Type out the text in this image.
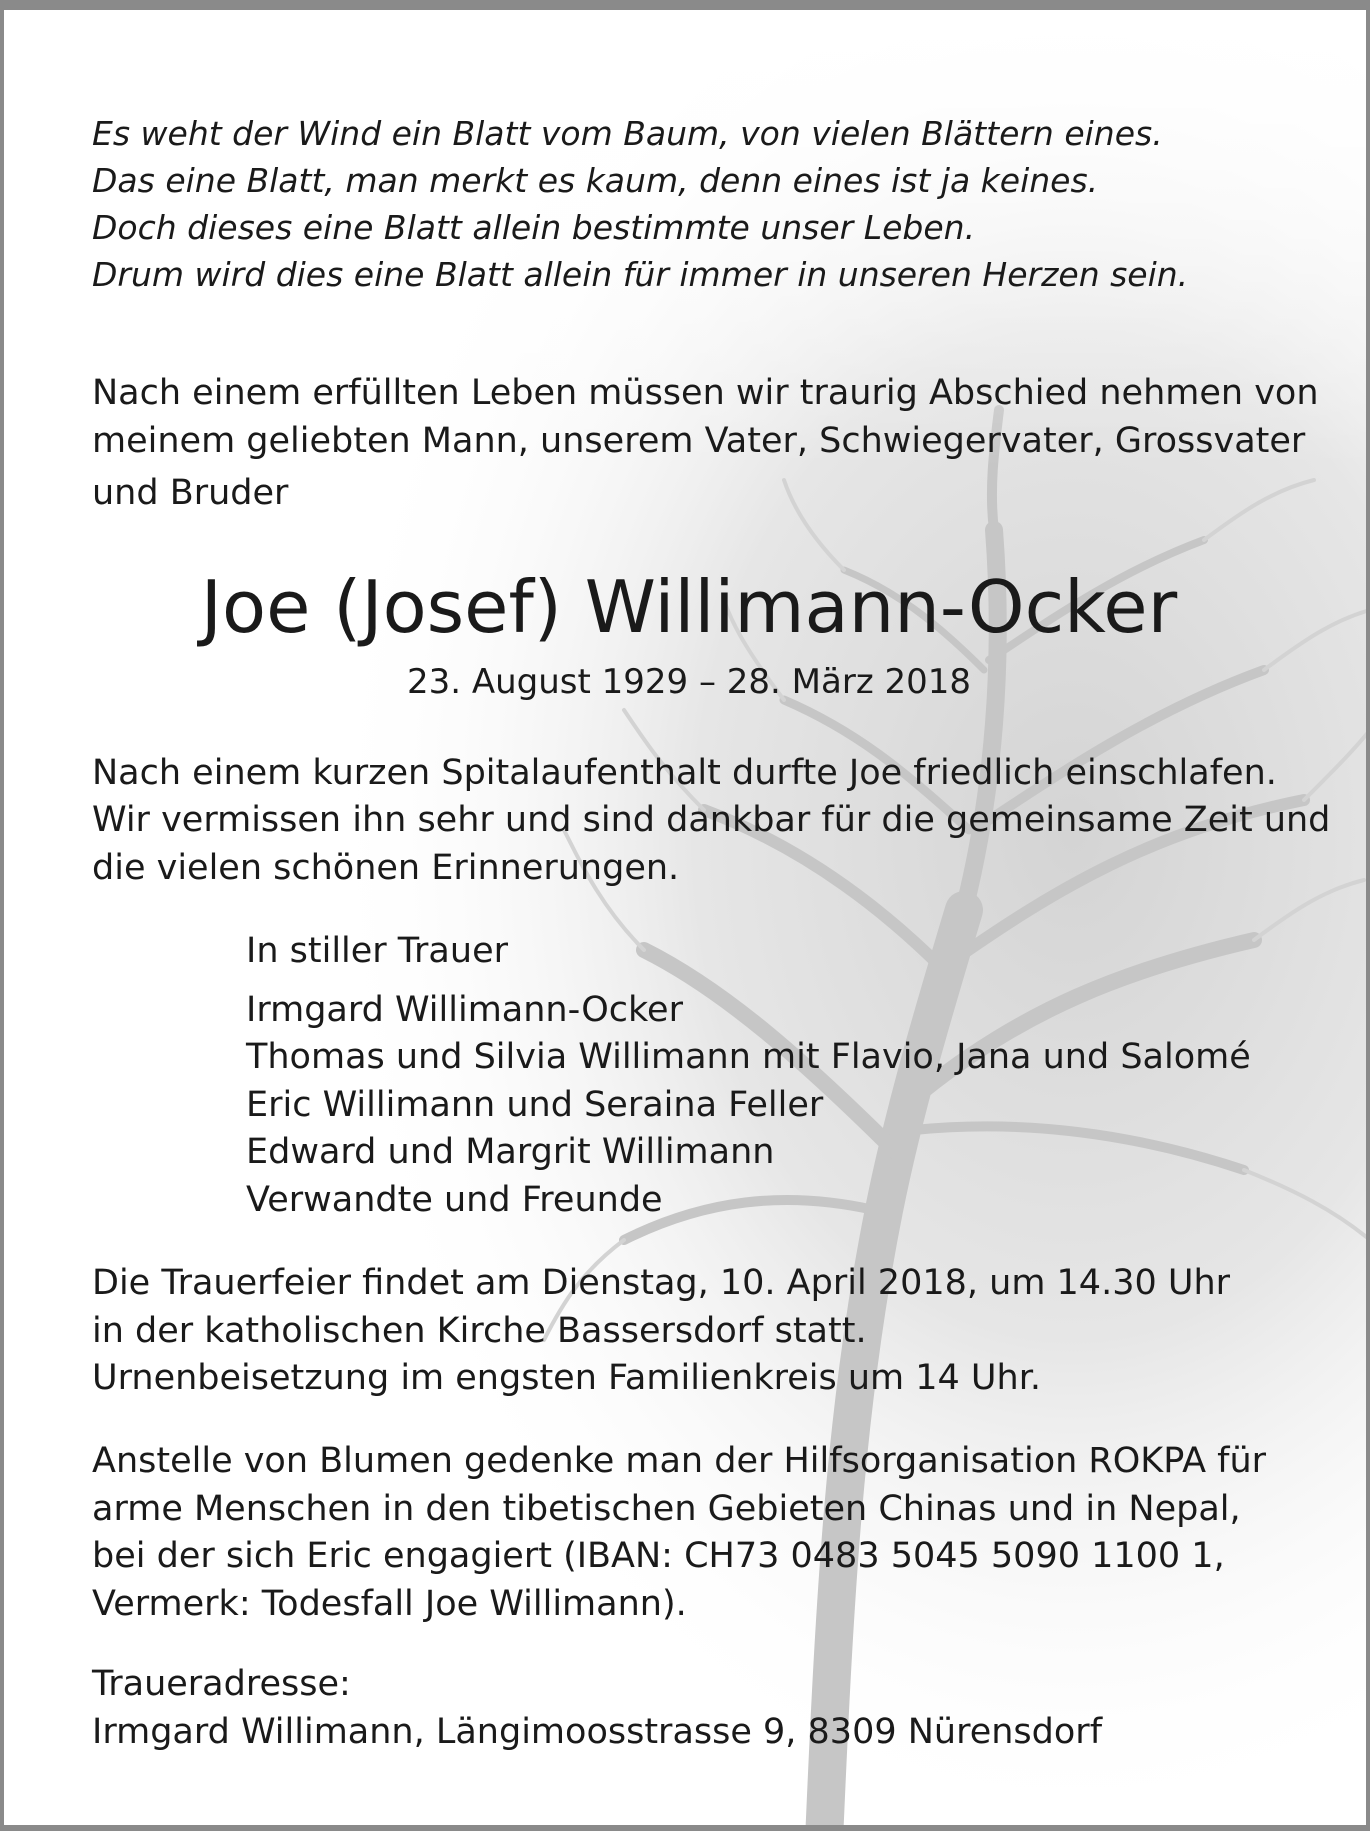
Es weht der Wind ein Blatt vom Baum, von vielen Blättern eines.
Das eine Blatt, man merkt es kaum, denn eines ist ja keines.
Doch dieses eine Blatt allein bestimmte unser Leben.
Drum wird dies eine Blatt allein für immer in unseren Herzen sein.
Nach einem erfüllten Leben müssen wir traurig Abschied nehmen von
meinem geliebten Mann, unserem Vater, Schwiegervater, Grossvater
und Bruder
Joe (Josef) Willimann-Ocker
23. August 1929 – 28. März 2018
Nach einem kurzen Spitalaufenthalt durfte Joe friedlich einschlafen.
Wir vermissen ihn sehr und sind dankbar für die gemeinsame Zeit und
die vielen schönen Erinnerungen.
In stiller Trauer
Irmgard Willimann-Ocker
Thomas und Silvia Willimann mit Flavio, Jana und Salomé
Eric Willimann und Seraina Feller
Edward und Margrit Willimann
Verwandte und Freunde
Die Trauerfeier findet am Dienstag, 10. April 2018, um 14.30 Uhr
in der katholischen Kirche Bassersdorf statt.
Urnenbeisetzung im engsten Familienkreis um 14 Uhr.
Anstelle von Blumen gedenke man der Hilfsorganisation ROKPA für
arme Menschen in den tibetischen Gebieten Chinas und in Nepal,
bei der sich Eric engagiert (IBAN: CH73 0483 5045 5090 1100 1,
Vermerk: Todesfall Joe Willimann).
Traueradresse:
Irmgard Willimann, Längimoosstrasse 9, 8309 Nürensdorf
